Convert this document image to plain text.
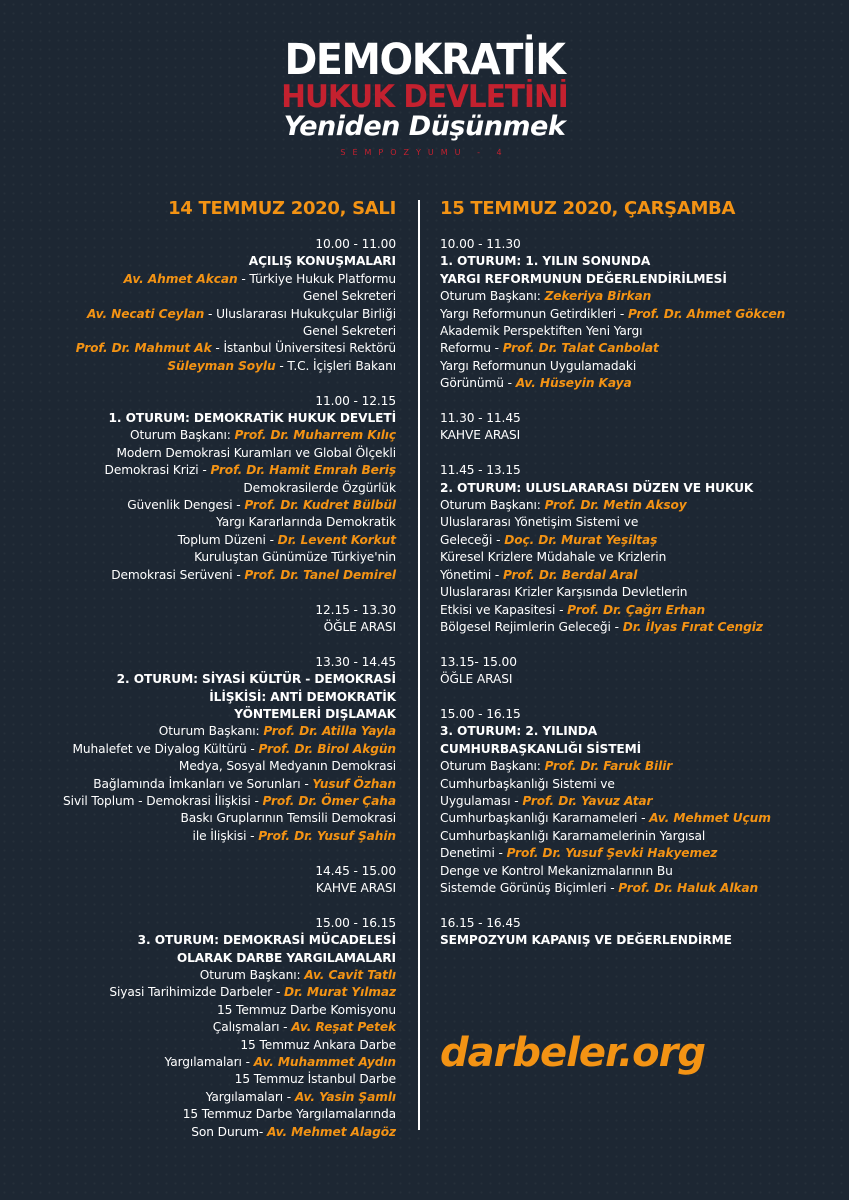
DEMOKRATİK
HUKUK DEVLETİNİ
Yeniden Düşünmek
SEMPOZYUMU - 4
14 TEMMUZ 2020, SALI
10.00 - 11.00
AÇILIŞ KONUŞMALARI
Av. Ahmet Akcan - Türkiye Hukuk Platformu
Genel Sekreteri
Av. Necati Ceylan - Uluslararası Hukukçular Birliği
Genel Sekreteri
Prof. Dr. Mahmut Ak - İstanbul Üniversitesi Rektörü
Süleyman Soylu - T.C. İçişleri Bakanı
11.00 - 12.15
1. OTURUM: DEMOKRATİK HUKUK DEVLETİ
Oturum Başkanı: Prof. Dr. Muharrem Kılıç
Modern Demokrasi Kuramları ve Global Ölçekli
Demokrasi Krizi - Prof. Dr. Hamit Emrah Beriş
Demokrasilerde Özgürlük
Güvenlik Dengesi - Prof. Dr. Kudret Bülbül
Yargı Kararlarında Demokratik
Toplum Düzeni - Dr. Levent Korkut
Kuruluştan Günümüze Türkiye'nin
Demokrasi Serüveni - Prof. Dr. Tanel Demirel
12.15 - 13.30
ÖĞLE ARASI
13.30 - 14.45
2. OTURUM: SİYASİ KÜLTÜR - DEMOKRASİ
İLİŞKİSİ: ANTİ DEMOKRATİK
YÖNTEMLERİ DIŞLAMAK
Oturum Başkanı: Prof. Dr. Atilla Yayla
Muhalefet ve Diyalog Kültürü - Prof. Dr. Birol Akgün
Medya, Sosyal Medyanın Demokrasi
Bağlamında İmkanları ve Sorunları - Yusuf Özhan
Sivil Toplum - Demokrasi İlişkisi - Prof. Dr. Ömer Çaha
Baskı Gruplarının Temsili Demokrasi
ile İlişkisi - Prof. Dr. Yusuf Şahin
14.45 - 15.00
KAHVE ARASI
15.00 - 16.15
3. OTURUM: DEMOKRASİ MÜCADELESİ
OLARAK DARBE YARGILAMALARI
Oturum Başkanı: Av. Cavit Tatlı
Siyasi Tarihimizde Darbeler - Dr. Murat Yılmaz
15 Temmuz Darbe Komisyonu
Çalışmaları - Av. Reşat Petek
15 Temmuz Ankara Darbe
Yargılamaları - Av. Muhammet Aydın
15 Temmuz İstanbul Darbe
Yargılamaları - Av. Yasin Şamlı
15 Temmuz Darbe Yargılamalarında
Son Durum- Av. Mehmet Alagöz
15 TEMMUZ 2020, ÇARŞAMBA
10.00 - 11.30
1. OTURUM: 1. YILIN SONUNDA
YARGI REFORMUNUN DEĞERLENDİRİLMESİ
Oturum Başkanı: Zekeriya Birkan
Yargı Reformunun Getirdikleri - Prof. Dr. Ahmet Gökcen
Akademik Perspektiften Yeni Yargı
Reformu - Prof. Dr. Talat Canbolat
Yargı Reformunun Uygulamadaki
Görünümü - Av. Hüseyin Kaya
11.30 - 11.45
KAHVE ARASI
11.45 - 13.15
2. OTURUM: ULUSLARARASI DÜZEN VE HUKUK
Oturum Başkanı: Prof. Dr. Metin Aksoy
Uluslararası Yönetişim Sistemi ve
Geleceği - Doç. Dr. Murat Yeşiltaş
Küresel Krizlere Müdahale ve Krizlerin
Yönetimi - Prof. Dr. Berdal Aral
Uluslararası Krizler Karşısında Devletlerin
Etkisi ve Kapasitesi - Prof. Dr. Çağrı Erhan
Bölgesel Rejimlerin Geleceği - Dr. İlyas Fırat Cengiz
13.15- 15.00
ÖĞLE ARASI
15.00 - 16.15
3. OTURUM: 2. YILINDA
CUMHURBAŞKANLIĞI SİSTEMİ
Oturum Başkanı: Prof. Dr. Faruk Bilir
Cumhurbaşkanlığı Sistemi ve
Uygulaması - Prof. Dr. Yavuz Atar
Cumhurbaşkanlığı Kararnameleri - Av. Mehmet Uçum
Cumhurbaşkanlığı Kararnamelerinin Yargısal
Denetimi - Prof. Dr. Yusuf Şevki Hakyemez
Denge ve Kontrol Mekanizmalarının Bu
Sistemde Görünüş Biçimleri - Prof. Dr. Haluk Alkan
16.15 - 16.45
SEMPOZYUM KAPANIŞ VE DEĞERLENDİRME
darbeler.org
